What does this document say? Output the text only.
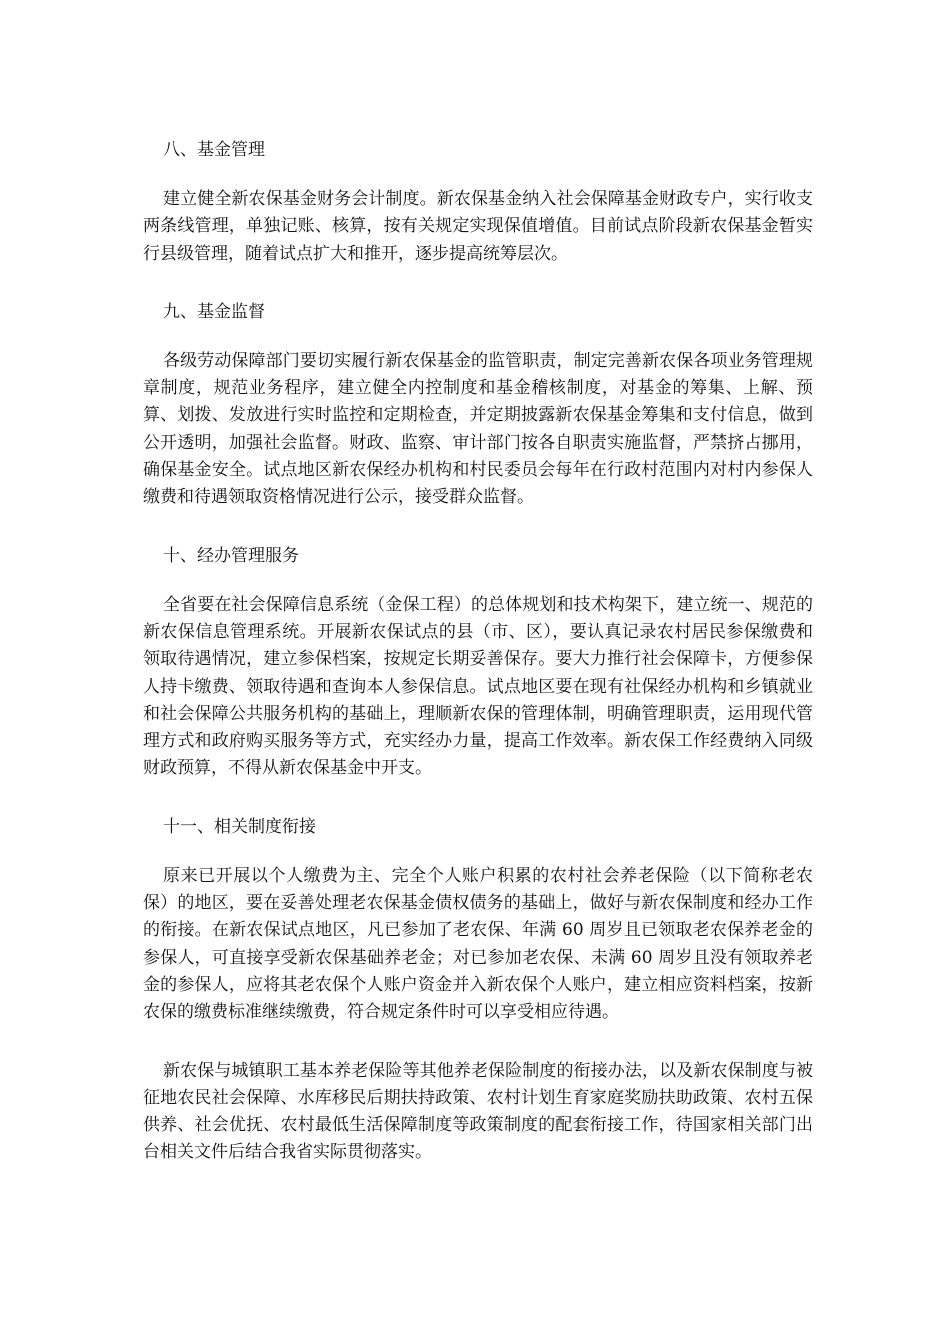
八、基金管理

建立健全新农保基金财务会计制度。新农保基金纳入社会保障基金财政专户，实行收支两条线管理，单独记账、核算，按有关规定实现保值增值。目前试点阶段新农保基金暂实行县级管理，随着试点扩大和推开，逐步提高统筹层次。

九、基金监督

各级劳动保障部门要切实履行新农保基金的监管职责，制定完善新农保各项业务管理规章制度，规范业务程序，建立健全内控制度和基金稽核制度，对基金的筹集、上解、预算、划拨、发放进行实时监控和定期检查，并定期披露新农保基金筹集和支付信息，做到公开透明，加强社会监督。财政、监察、审计部门按各自职责实施监督，严禁挤占挪用，确保基金安全。试点地区新农保经办机构和村民委员会每年在行政村范围内对村内参保人缴费和待遇领取资格情况进行公示，接受群众监督。

十、经办管理服务

全省要在社会保障信息系统（金保工程）的总体规划和技术构架下，建立统一、规范的新农保信息管理系统。开展新农保试点的县（市、区），要认真记录农村居民参保缴费和领取待遇情况，建立参保档案，按规定长期妥善保存。要大力推行社会保障卡，方便参保人持卡缴费、领取待遇和查询本人参保信息。试点地区要在现有社保经办机构和乡镇就业和社会保障公共服务机构的基础上，理顺新农保的管理体制，明确管理职责，运用现代管理方式和政府购买服务等方式，充实经办力量，提高工作效率。新农保工作经费纳入同级财政预算，不得从新农保基金中开支。

十一、相关制度衔接

原来已开展以个人缴费为主、完全个人账户积累的农村社会养老保险（以下简称老农保）的地区，要在妥善处理老农保基金债权债务的基础上，做好与新农保制度和经办工作的衔接。在新农保试点地区，凡已参加了老农保、年满 60 周岁且已领取老农保养老金的参保人，可直接享受新农保基础养老金；对已参加老农保、未满 60 周岁且没有领取养老金的参保人，应将其老农保个人账户资金并入新农保个人账户，建立相应资料档案，按新农保的缴费标准继续缴费，符合规定条件时可以享受相应待遇。

新农保与城镇职工基本养老保险等其他养老保险制度的衔接办法，以及新农保制度与被征地农民社会保障、水库移民后期扶持政策、农村计划生育家庭奖励扶助政策、农村五保供养、社会优抚、农村最低生活保障制度等政策制度的配套衔接工作，待国家相关部门出台相关文件后结合我省实际贯彻落实。
